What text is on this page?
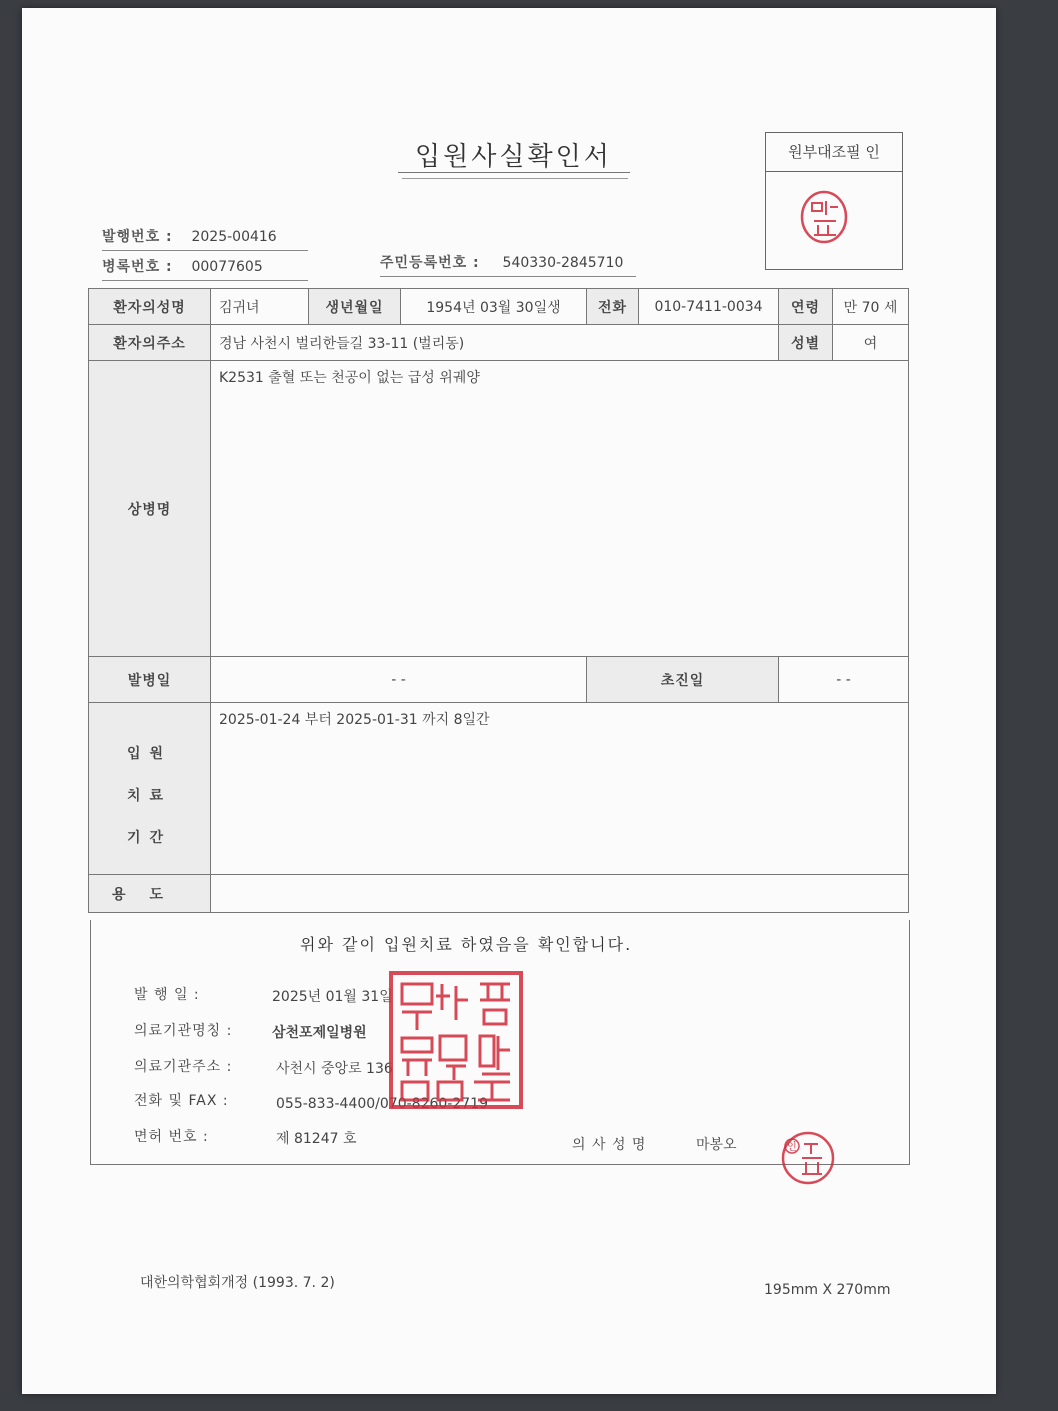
입원사실확인서	원부대조필 인
발행번호 : 2025-00416
병록번호 : 00077605	주민등록번호 : 540330-2845710
환자의성명	김귀녀	생년월일	1954년 03월 30일생	전화	010-7411-0034	연령	만 70 세
환자의주소	경남 사천시 벌리한들길 33-11 (벌리동)					성별	여
상병명	K2531 출혈 또는 천공이 없는 급성 위궤양						
발병일	- -			초진일		- -	

입원
치료
기간	2025-01-24 부터 2025-01-31 까지 8일간						
용도							
위와 같이 입원치료 하였음을 확인합니다.
발 행 일 :	2025년 01월 31일
의료기관명칭 :	삼천포제일병원
의료기관주소 :	사천시 중앙로 136
전화 및 FAX :	055-833-4400/070-8260-2719
면허 번호 :	제 81247 호	의 사 성 명	마봉오
삼천포제일병원직인
인
대한의학협회개정 (1993. 7. 2)	195mm X 270mm
